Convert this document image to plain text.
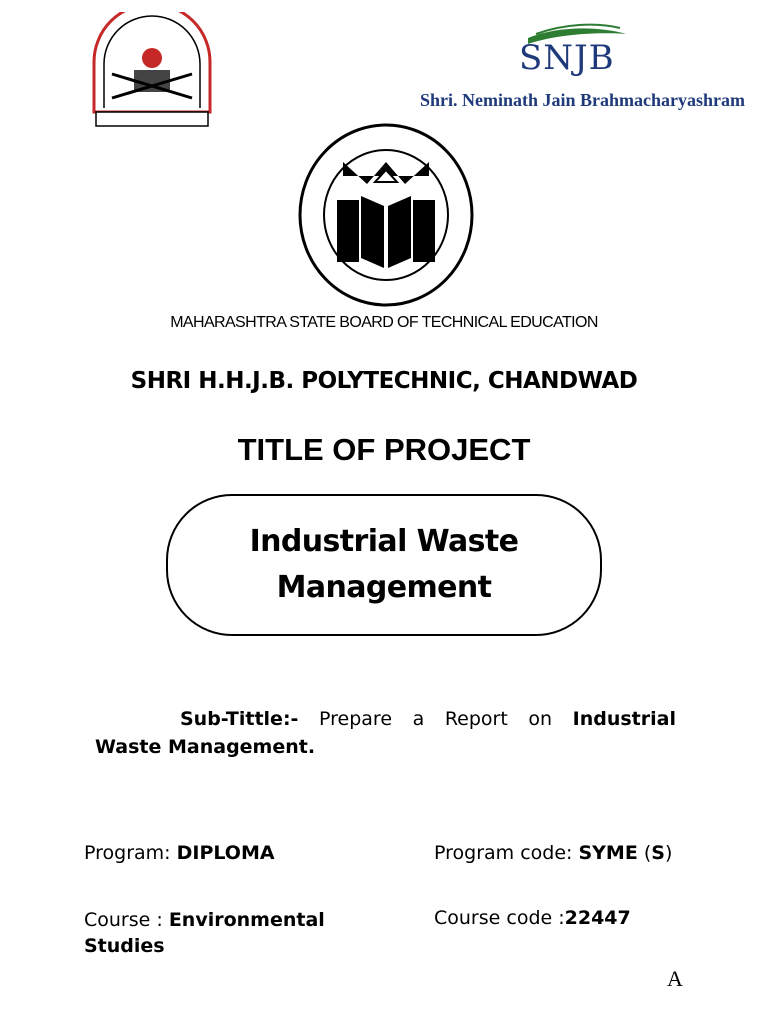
SNJB
Shri. Neminath Jain Brahmacharyashram
MAHARASHTRA STATE BOARD OF TECHNICAL EDUCATION
SHRI H.H.J.B. POLYTECHNIC, CHANDWAD
TITLE OF PROJECT
Industrial Waste Management
Sub-Tittle:- Prepare a Report on Industrial
Waste Management.
Program: DIPLOMA	Program code: SYME (S)
Course : Environmental
Studies
Course code :22447
A
